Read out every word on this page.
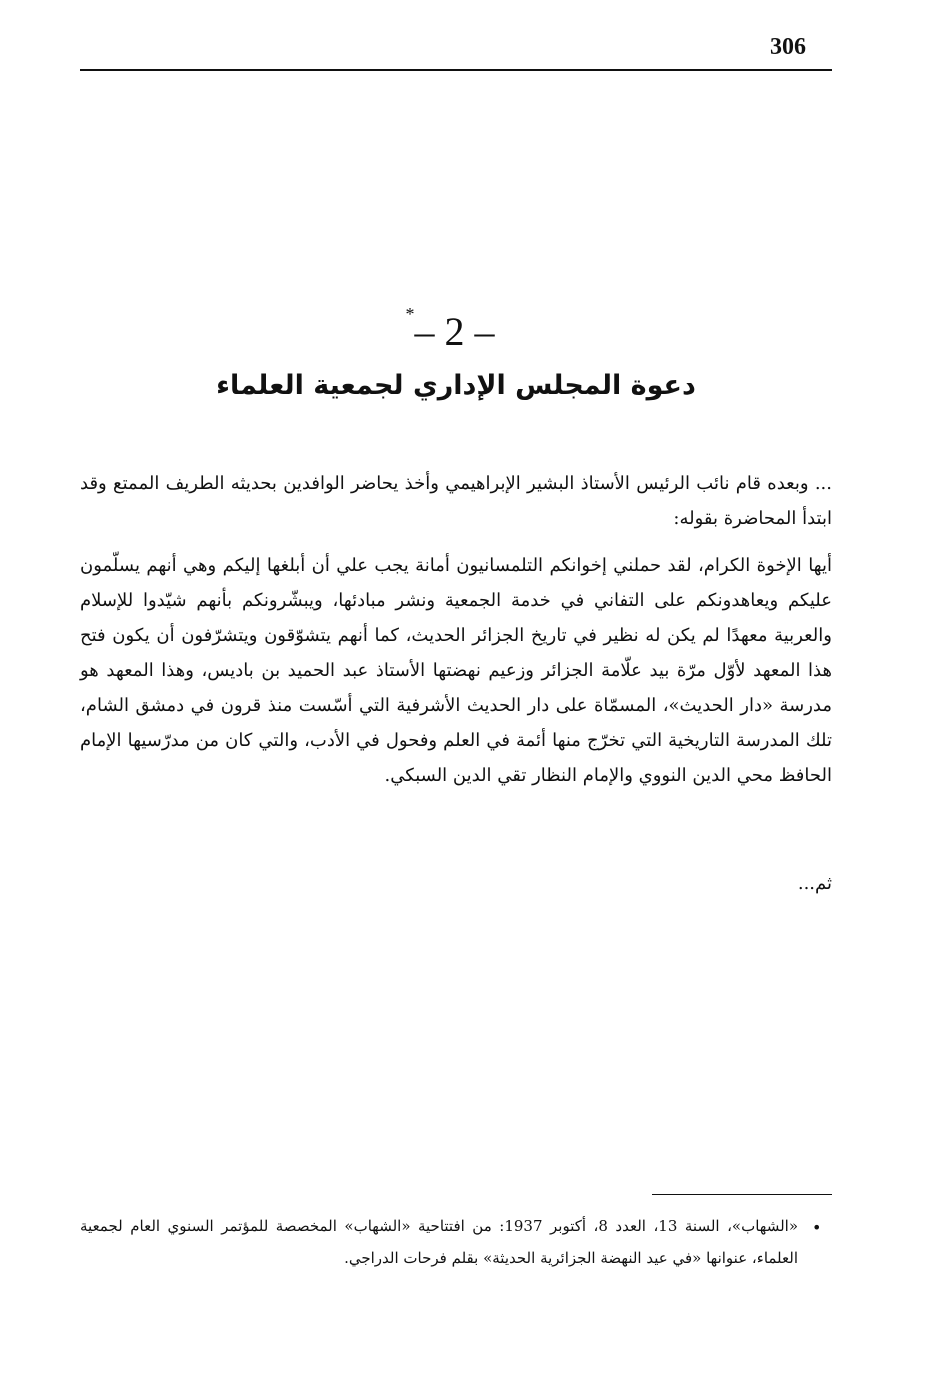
306
*– 2 –
دعوة المجلس الإداري لجمعية العلماء
... وبعده قام نائب الرئيس الأستاذ البشير الإبراهيمي وأخذ يحاضر الوافدين بحديثه الطريف الممتع وقد ابتدأ المحاضرة بقوله:
أيها الإخوة الكرام، لقد حملني إخوانكم التلمسانيون أمانة يجب علي أن أبلغها إليكم وهي أنهم يسلّمون عليكم ويعاهدونكم على التفاني في خدمة الجمعية ونشر مبادئها، ويبشّرونكم بأنهم شيّدوا للإسلام والعربية معهدًا لم يكن له نظير في تاريخ الجزائر الحديث، كما أنهم يتشوّقون ويتشرّفون أن يكون فتح هذا المعهد لأوّل مرّة بيد علّامة الجزائر وزعيم نهضتها الأستاذ عبد الحميد بن باديس، وهذا المعهد هو مدرسة «دار الحديث»، المسمّاة على دار الحديث الأشرفية التي أسّست منذ قرون في دمشق الشام، تلك المدرسة التاريخية التي تخرّج منها أئمة في العلم وفحول في الأدب، والتي كان من مدرّسيها الإمام الحافظ محي الدين النووي والإمام النظار تقي الدين السبكي.
ثم...
•
«الشهاب»، السنة 13، العدد 8، أكتوبر 1937: من افتتاحية «الشهاب» المخصصة للمؤتمر السنوي العام لجمعية العلماء، عنوانها «في عيد النهضة الجزائرية الحديثة» بقلم فرحات الدراجي.
